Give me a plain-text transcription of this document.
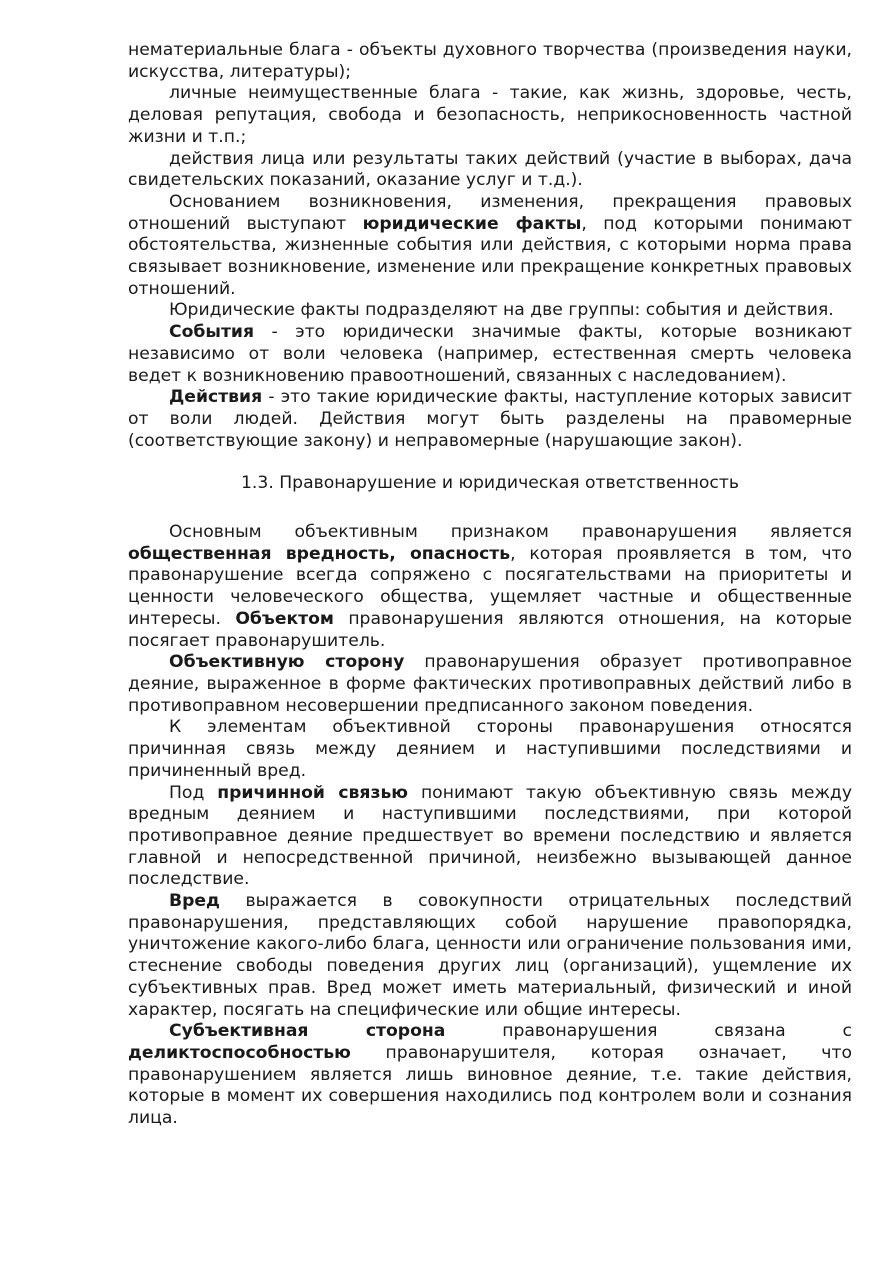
нематериальные блага - объекты духовного творчества (произведения науки, искусства, литературы);

личные неимущественные блага - такие, как жизнь, здоровье, честь, деловая репутация, свобода и безопасность, неприкосновенность частной жизни и т.п.;

действия лица или результаты таких действий (участие в выборах, дача свидетельских показаний, оказание услуг и т.д.).

Основанием возникновения, изменения, прекращения правовых отношений выступают юридические факты, под которыми понимают обстоятельства, жизненные события или действия, с которыми норма права связывает возникновение, изменение или прекращение конкретных правовых отношений.

Юридические факты подразделяют на две группы: события и действия.

События - это юридически значимые факты, которые возникают независимо от воли человека (например, естественная смерть человека ведет к возникновению правоотношений, связанных с наследованием).

Действия - это такие юридические факты, наступление которых зависит от воли людей. Действия могут быть разделены на правомерные (соответствующие закону) и неправомерные (нарушающие закон).

1.3. Правонарушение и юридическая ответственность

Основным объективным признаком правонарушения является общественная вредность, опасность, которая проявляется в том, что правонарушение всегда сопряжено с посягательствами на приоритеты и ценности человеческого общества, ущемляет частные и общественные интересы. Объектом правонарушения являются отношения, на которые посягает правонарушитель.

Объективную сторону правонарушения образует противоправное деяние, выраженное в форме фактических противоправных действий либо в противоправном несовершении предписанного законом поведения.

К элементам объективной стороны правонарушения относятся причинная связь между деянием и наступившими последствиями и причиненный вред.

Под причинной связью понимают такую объективную связь между вредным деянием и наступившими последствиями, при которой противоправное деяние предшествует во времени последствию и является главной и непосредственной причиной, неизбежно вызывающей данное последствие.

Вред выражается в совокупности отрицательных последствий правонарушения, представляющих собой нарушение правопорядка, уничтожение какого-либо блага, ценности или ограничение пользования ими, стеснение свободы поведения других лиц (организаций), ущемление их субъективных прав. Вред может иметь материальный, физический и иной характер, посягать на специфические или общие интересы.

Субъективная сторона правонарушения связана с деликтоспособностью правонарушителя, которая означает, что правонарушением является лишь виновное деяние, т.е. такие действия, которые в момент их совершения находились под контролем воли и сознания лица.
